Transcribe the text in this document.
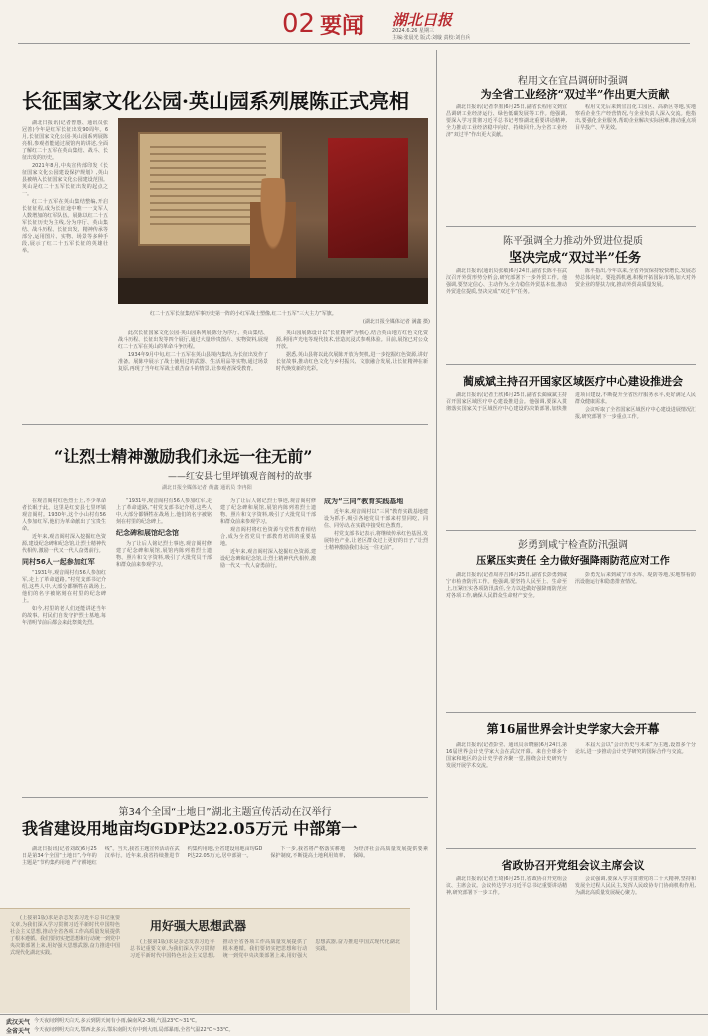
02 要闻 湖北日报
2024.6.26 星期三
主编:张晨光 版式:刘璇 责校:刘自兵
长征国家文化公园·英山园系列展陈正式亮相
红二十五军长征集结军事历史第一阵的小红军战士塑像,红二十五军“三大主力”军旗。
(湖北日报全媒体记者 满鑫 摄)

湖北日报讯(记者曾惠、通讯员张冠善)今年是红军长征出发90周年。6月,长征国家文化公园·英山园系列展陈亮相,参观者能通过展馆内的讲述,全面了解红二十五军在英山集结、战斗、长征出发的历史。

2021年8月,中央宣传部印发《长征国家文化公园建设保护规划》,英山县被纳入长征国家文化公园建设范围。英山是红二十五军长征出发的起点之一。

红二十五军在英山集结整编,开启长征征程,成为长征途中唯一一支军人人数增加的红军队伍。展陈以红二十五军长征历史为主线,分为序厅、英山集结、战斗历程、长征出发、精神传承等部分,运用图片、实物、场景等多种手段,展示了红二十五军长征的英雄壮举。

此次长征国家文化公园·英山园系列展陈分为序厅、英山集结、战斗历程、长征出发等四个展厅,通过大量珍贵图片、实物资料,展现红二十五军在英山的革命斗争历程。

1934年9月中旬,红二十五军在英山县境内集结,为长征出发作了准备。展陈中展示了战士使用过的武器、生活用品等实物,通过场景复原,再现了当年红军战士艰苦奋斗的情景,让参观者深受教育。

英山园展陈设计以“长征精神”为核心,结合英山地方红色文化资源,利用声光电等现代技术,营造沉浸式参观体验。目前,展馆已对公众开放。

据悉,英山县将以此次展陈开放为契机,进一步挖掘红色资源,讲好长征故事,推动红色文化与乡村振兴、文旅融合发展,让长征精神在新时代焕发新的光彩。

“让烈士精神激励我们永远一往无前”
——红安县七里坪镇观音阁村的故事
湖北日报全媒体记者 黄鑫 通讯员 李冉阳

在观音阁村红色烈士上,不少革命者长眠于此。这里是红安县七里坪镇观音阁村。1930年,这个小山村有56人参加红军,他们为革命献出了宝贵生命。

近年来,观音阁村深入挖掘红色资源,建设纪念碑和纪念馆,让烈士精神代代相传,激励一代又一代人奋勇前行。

同村56人一起参加红军

“1931年,观音阁村有56人参加红军,走上了革命道路。”村党支部书记介绍,这些人中,大部分都牺牲在战场上,他们的名字被铭刻在村里的纪念碑上。

如今,村里的老人们还能讲述当年的故事。村民们自发守护烈士墓地,每年清明节前后都会来此祭奠先烈。

“1931年,观音阁村有56人参加红军,走上了革命道路。”村党支部书记介绍,这些人中,大部分都牺牲在战场上,他们的名字被铭刻在村里的纪念碑上。

纪念碑和展馆纪念馆

为了让后人铭记烈士事迹,观音阁村修建了纪念碑和展馆,展馆内陈列着烈士遗物、照片和文字资料,吸引了大批党员干部和群众前来参观学习。

为了让后人铭记烈士事迹,观音阁村修建了纪念碑和展馆,展馆内陈列着烈士遗物、照片和文字资料,吸引了大批党员干部和群众前来参观学习。

观音阁村将红色资源与党性教育相结合,成为全省党员干部教育培训的重要基地。

近年来,观音阁村深入挖掘红色资源,建设纪念碑和纪念馆,让烈士精神代代相传,激励一代又一代人奋勇前行。

成为“三同”教育实践基地

近年来,观音阁村以“三同”教育实践基地建设为抓手,吸引各地党员干部来村里同吃、同住、同劳动,在实践中接受红色教育。

村党支部书记表示,将继续传承红色基因,发展特色产业,让老区群众过上更好的日子,“让烈士精神激励我们永远一往无前”。

第34个全国“土地日”湖北主题宣传活动在汉举行
我省建设用地亩均GDP达22.05万元 中部第一

湖北日报讯(记者刘政)6月25日是第34个全国“土地日”,今年的主题是“节约集约用地 严守耕地红线”。当天,我省主题宣传活动在武汉举行。近年来,我省持续推进节约集约用地,全省建设用地亩均GDP达22.05万元,居中部第一。

下一步,我省将严格落实耕地保护制度,不断提高土地利用效率,为经济社会高质量发展提供要素保障。

(上接第1版)求是杂志发表习近平总书记重要文章,为我们深入学习贯彻习近平新时代中国特色社会主义思想,推动全省各项工作高质量发展提供了根本遵循。我们要切实把思想和行动统一到党中央决策部署上来,用好强大思想武器,奋力推进中国式现代化湖北实践。

用好强大思想武器

(上接第1版)求是杂志发表习近平总书记重要文章,为我们深入学习贯彻习近平新时代中国特色社会主义思想,推动全省各项工作高质量发展提供了根本遵循。我们要切实把思想和行动统一到党中央决策部署上来,用好强大思想武器,奋力推进中国式现代化湖北实践。

程用文在宜昌调研时强调
为全省工业经济“双过半”作出更大贡献

湖北日报讯(记者李墨)6月25日,副省长程用文到宜昌调研工业经济运行、绿色低碳发展等工作。他强调,要深入学习贯彻习近平总书记考察湖北重要讲话精神,全力推动工业经济稳中向好、持续回升,为全省工业经济“双过半”作出更大贡献。

程用文先后来到宜昌化工园区、高新区等地,实地察看企业生产经营情况,与企业负责人深入交流。他指出,要强化企业服务,帮助企业解决实际困难,推动重点项目早投产、早见效。

陈平强调全力推动外贸进位提质
坚决完成“双过半”任务

湖北日报讯(通讯员张敏)6月24日,副省长陈平在武汉召开外贸形势分析会,研究部署下一步外贸工作。他强调,要坚定信心、主动作为,全力稳住外贸基本盘,推动外贸进位提质,坚决完成“双过半”任务。

陈平指出,今年以来,全省外贸保持较快增长,发展态势总体向好。要抢抓机遇,积极开拓国际市场,加大对外贸企业的帮扶力度,推动外贸高质量发展。

蔺威斌主持召开国家区域医疗中心建设推进会

湖北日报讯(记者王欣)6月25日,副省长蔺威斌主持召开国家区域医疗中心建设推进会。他强调,要深入贯彻落实国家关于区域医疗中心建设的决策部署,加快推进项目建设,不断提升全省医疗服务水平,更好满足人民群众健康需求。

会议听取了全省国家区域医疗中心建设进展情况汇报,研究部署下一步重点工作。

彭勇到咸宁检查防汛强调
压紧压实责任 全力做好强降雨防范应对工作

湖北日报讯(记者周亦吉)6月25日,副省长彭勇到咸宁市检查防汛工作。他强调,要坚持人民至上、生命至上,压紧压实各项防汛责任,全力以赴做好强降雨防范应对各项工作,确保人民群众生命财产安全。

彭勇先后来到咸宁市水库、堤防等地,实地察看防汛设施运行和隐患排查情况。

第16届世界会计史学家大会开幕

湖北日报讯(记者彭莹、通讯员余晓丽)6月24日,第16届世界会计史学家大会在武汉开幕。来自全球多个国家和地区的会计史学者齐聚一堂,围绕会计史研究与发展开展学术交流。

本届大会以“会计历史与未来”为主题,设置多个分论坛,进一步推动会计史学研究的国际合作与交流。

省政协召开党组会议主席会议

湖北日报讯(记者王琦)6月25日,省政协召开党组会议、主席会议。会议传达学习习近平总书记重要讲话精神,研究部署下一步工作。

会议强调,要深入学习贯彻党的二十大精神,坚持和发展全过程人民民主,发挥人民政协专门协商机构作用,为湖北高质量发展凝心聚力。

武汉天气 今天夜间到明天白天,多云到阴天间有小雨,偏南风2-3级,气温23℃~31℃。
全省天气 今天夜间到明天白天,鄂西北多云,鄂东南阴天有中到大雨,局部暴雨,全省气温22℃~33℃。
